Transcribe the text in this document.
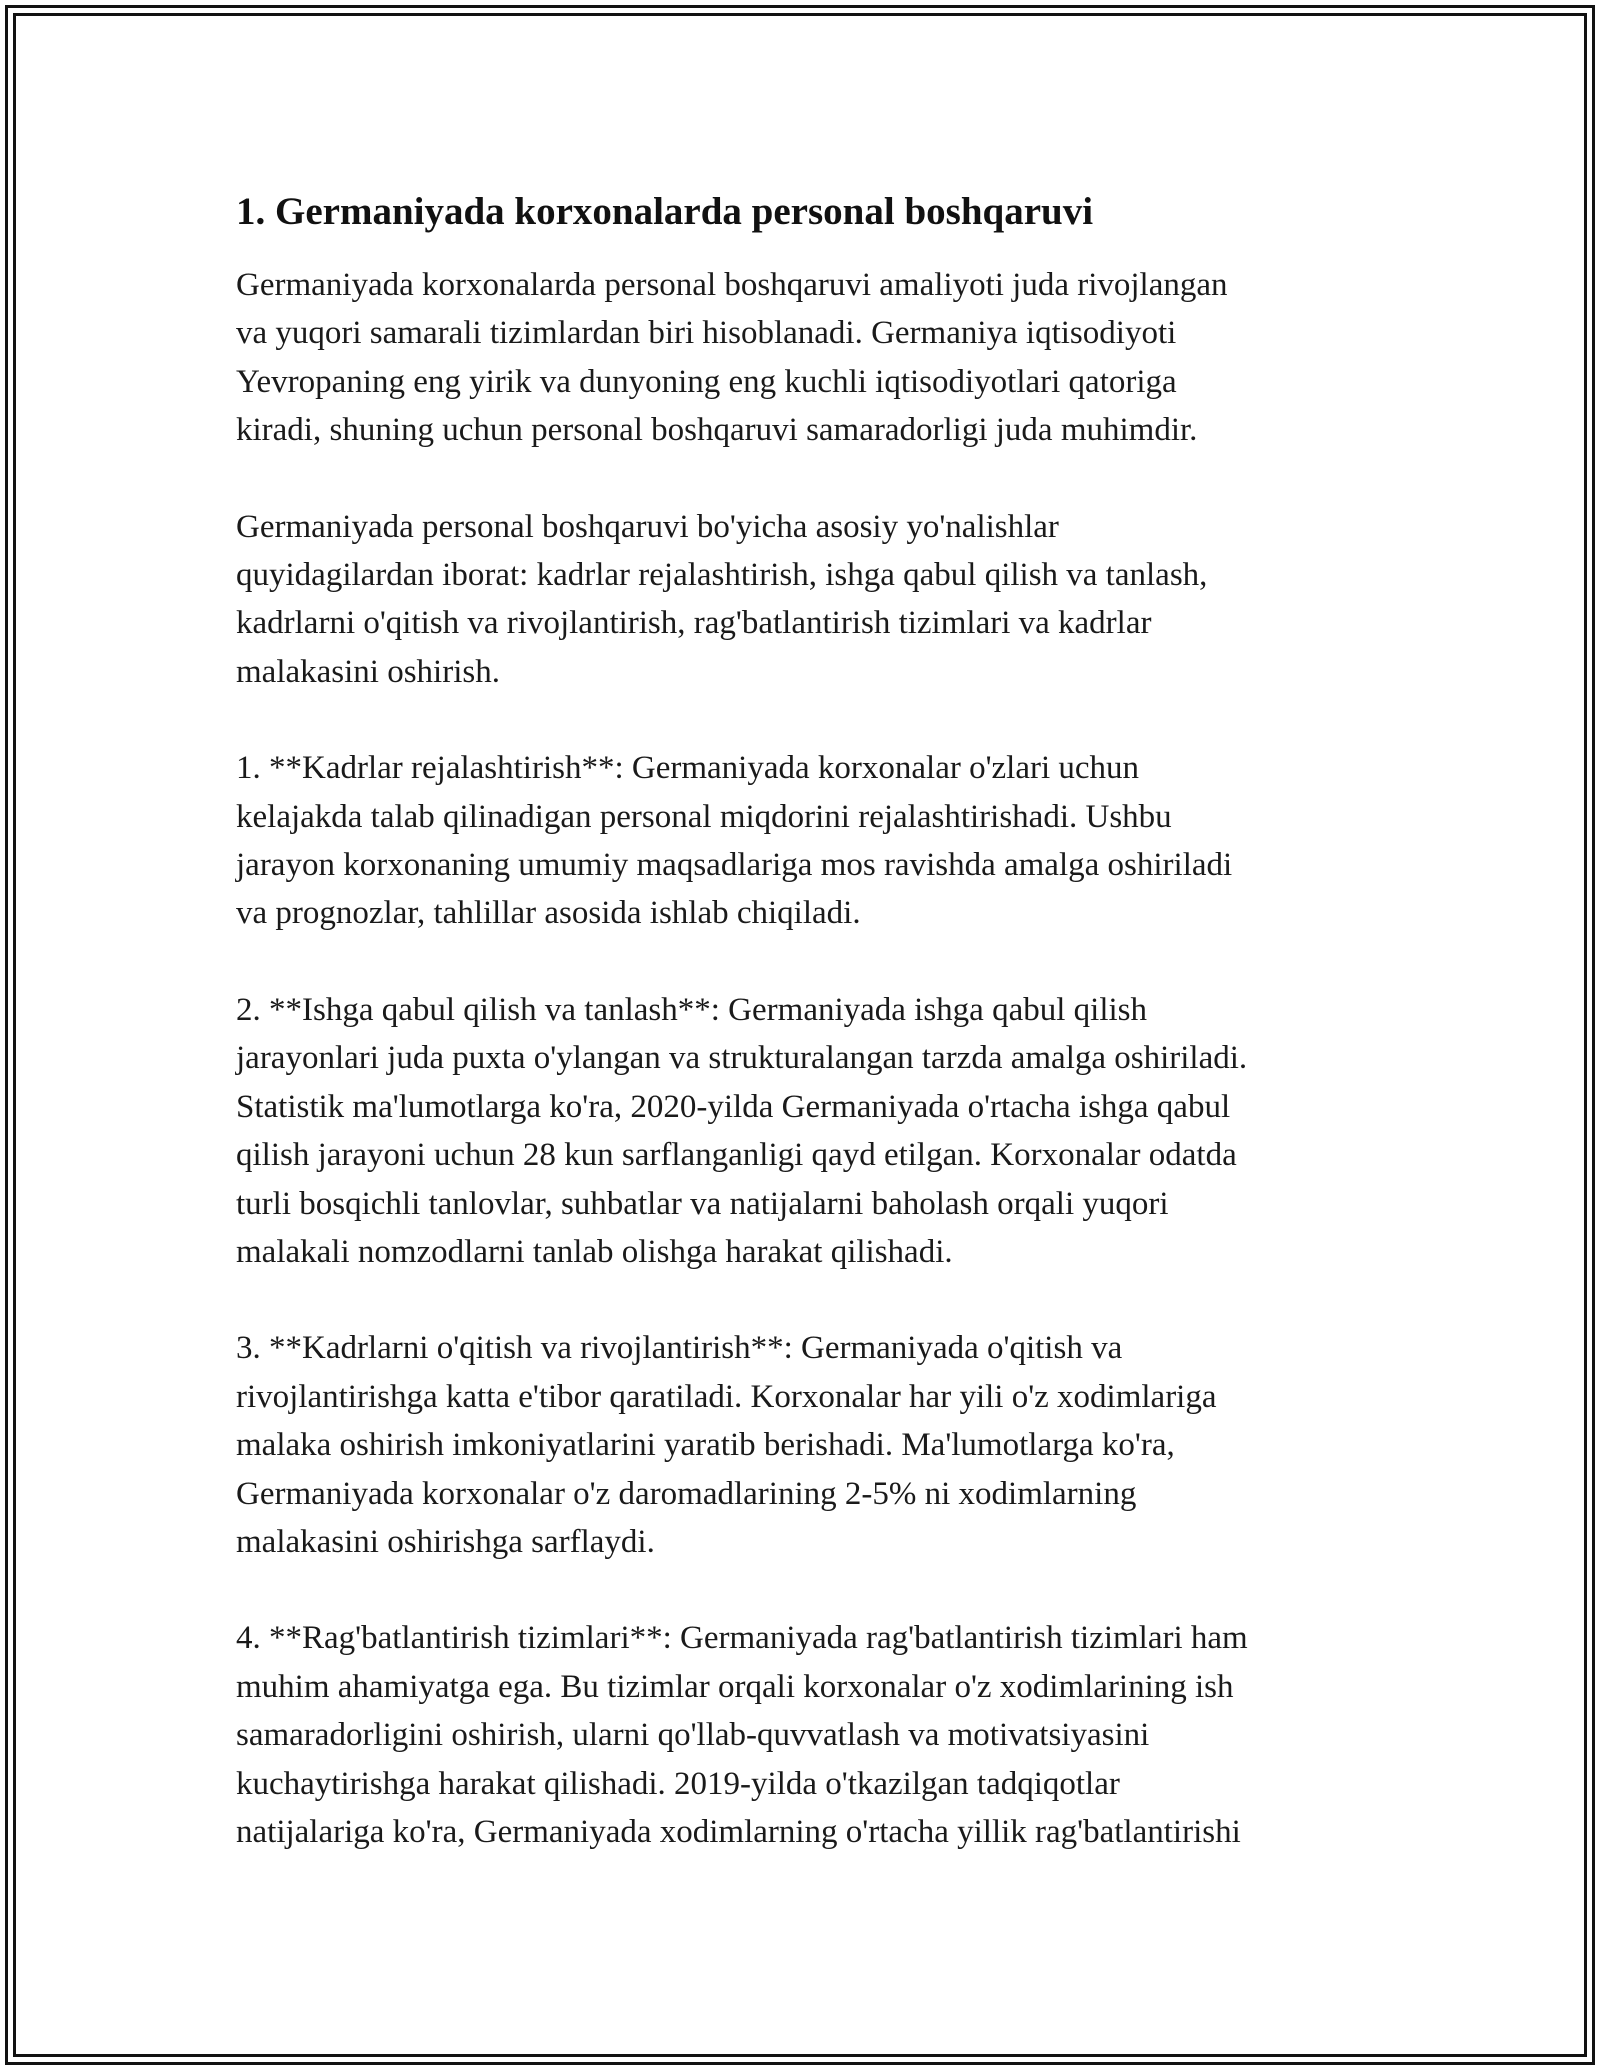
1. Germaniyada korxonalarda personal boshqaruvi

Germaniyada korxonalarda personal boshqaruvi amaliyoti juda rivojlangan
va yuqori samarali tizimlardan biri hisoblanadi. Germaniya iqtisodiyoti
Yevropaning eng yirik va dunyoning eng kuchli iqtisodiyotlari qatoriga
kiradi, shuning uchun personal boshqaruvi samaradorligi juda muhimdir.

Germaniyada personal boshqaruvi bo'yicha asosiy yo'nalishlar
quyidagilardan iborat: kadrlar rejalashtirish, ishga qabul qilish va tanlash,
kadrlarni o'qitish va rivojlantirish, rag'batlantirish tizimlari va kadrlar
malakasini oshirish.

1. **Kadrlar rejalashtirish**: Germaniyada korxonalar o'zlari uchun
kelajakda talab qilinadigan personal miqdorini rejalashtirishadi. Ushbu
jarayon korxonaning umumiy maqsadlariga mos ravishda amalga oshiriladi
va prognozlar, tahlillar asosida ishlab chiqiladi.

2. **Ishga qabul qilish va tanlash**: Germaniyada ishga qabul qilish
jarayonlari juda puxta o'ylangan va strukturalangan tarzda amalga oshiriladi.
Statistik ma'lumotlarga ko'ra, 2020-yilda Germaniyada o'rtacha ishga qabul
qilish jarayoni uchun 28 kun sarflanganligi qayd etilgan. Korxonalar odatda
turli bosqichli tanlovlar, suhbatlar va natijalarni baholash orqali yuqori
malakali nomzodlarni tanlab olishga harakat qilishadi.

3. **Kadrlarni o'qitish va rivojlantirish**: Germaniyada o'qitish va
rivojlantirishga katta e'tibor qaratiladi. Korxonalar har yili o'z xodimlariga
malaka oshirish imkoniyatlarini yaratib berishadi. Ma'lumotlarga ko'ra,
Germaniyada korxonalar o'z daromadlarining 2-5% ni xodimlarning
malakasini oshirishga sarflaydi.

4. **Rag'batlantirish tizimlari**: Germaniyada rag'batlantirish tizimlari ham
muhim ahamiyatga ega. Bu tizimlar orqali korxonalar o'z xodimlarining ish
samaradorligini oshirish, ularni qo'llab-quvvatlash va motivatsiyasini
kuchaytirishga harakat qilishadi. 2019-yilda o'tkazilgan tadqiqotlar
natijalariga ko'ra, Germaniyada xodimlarning o'rtacha yillik rag'batlantirishi
